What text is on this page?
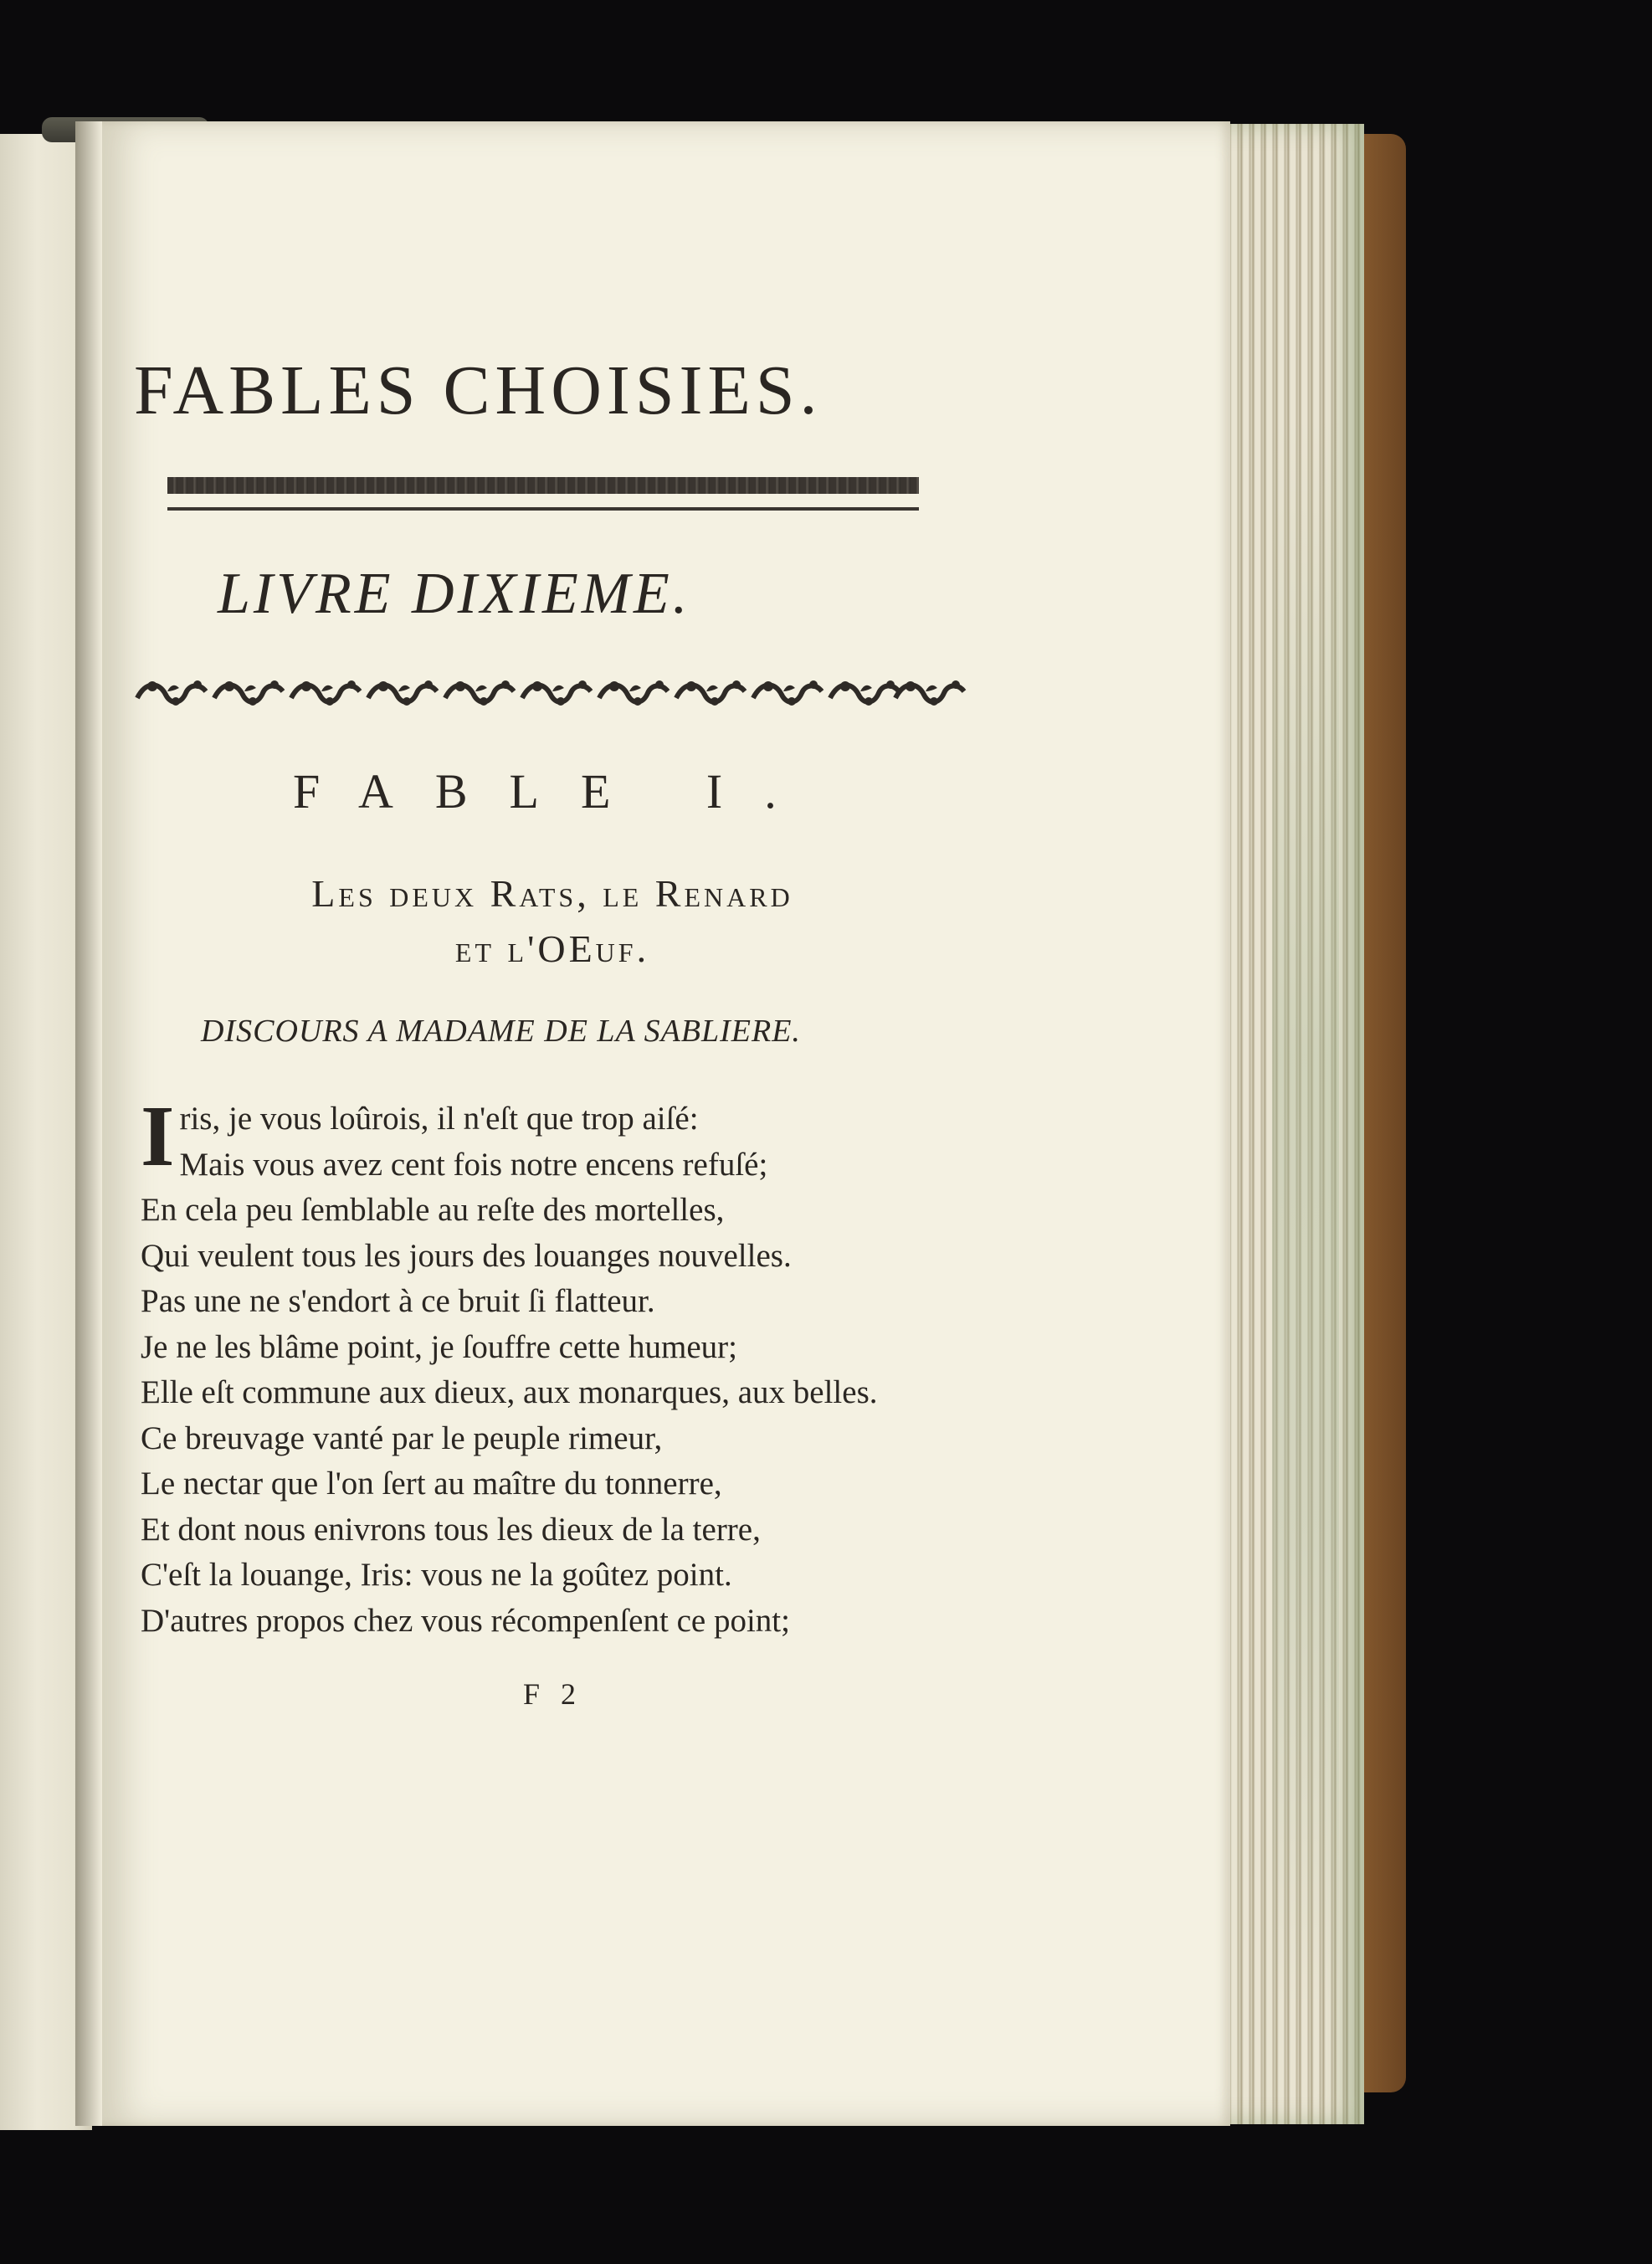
FABLES CHOISIES.
LIVRE DIXIEME.
FABLE I.
Les deux Rats, le Renard
et l'OEuf.
DISCOURS A MADAME DE LA SABLIERE.
I ris, je vous loûrois, il n'eſt que trop aiſé:
Mais vous avez cent fois notre encens refuſé;
En cela peu ſemblable au reſte des mortelles,
Qui veulent tous les jours des louanges nouvelles.
Pas une ne s'endort à ce bruit ſi flatteur.
Je ne les blâme point, je ſouffre cette humeur;
Elle eſt commune aux dieux, aux monarques, aux belles.
Ce breuvage vanté par le peuple rimeur,
Le nectar que l'on ſert au maître du tonnerre,
Et dont nous enivrons tous les dieux de la terre,
C'eſt la louange, Iris: vous ne la goûtez point.
D'autres propos chez vous récompenſent ce point;
F 2
